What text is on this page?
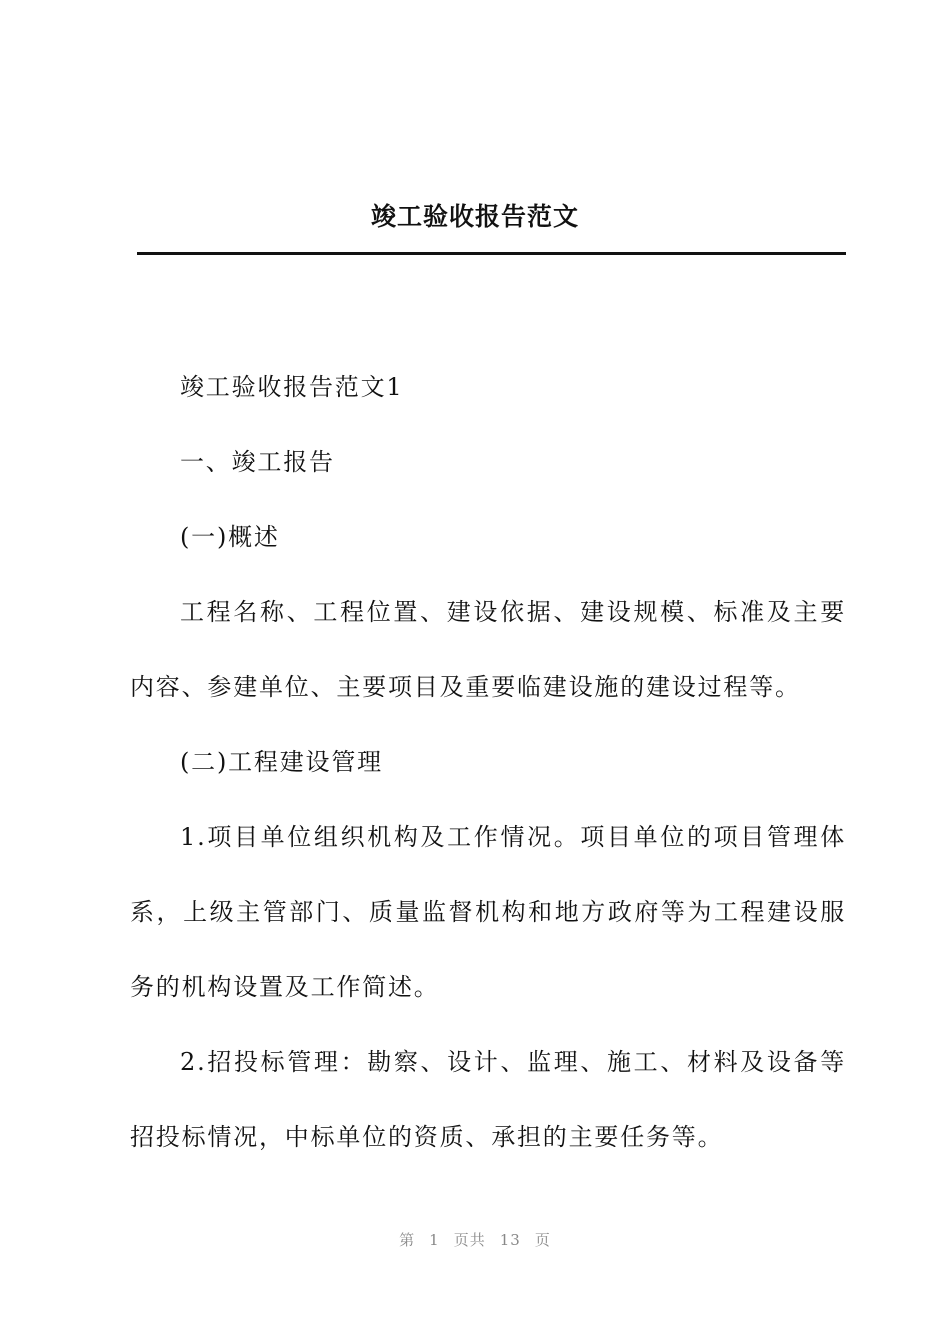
竣工验收报告范文

竣工验收报告范文1

一、竣工报告

(一)概述

工程名称、工程位置、建设依据、建设规模、标准及主要内容、参建单位、主要项目及重要临建设施的建设过程等。

(二)工程建设管理

1.项目单位组织机构及工作情况。项目单位的项目管理体系，上级主管部门、质量监督机构和地方政府等为工程建设服务的机构设置及工作简述。

2.招投标管理：勘察、设计、监理、施工、材料及设备等招投标情况，中标单位的资质、承担的主要任务等。

第 1 页共 13 页
